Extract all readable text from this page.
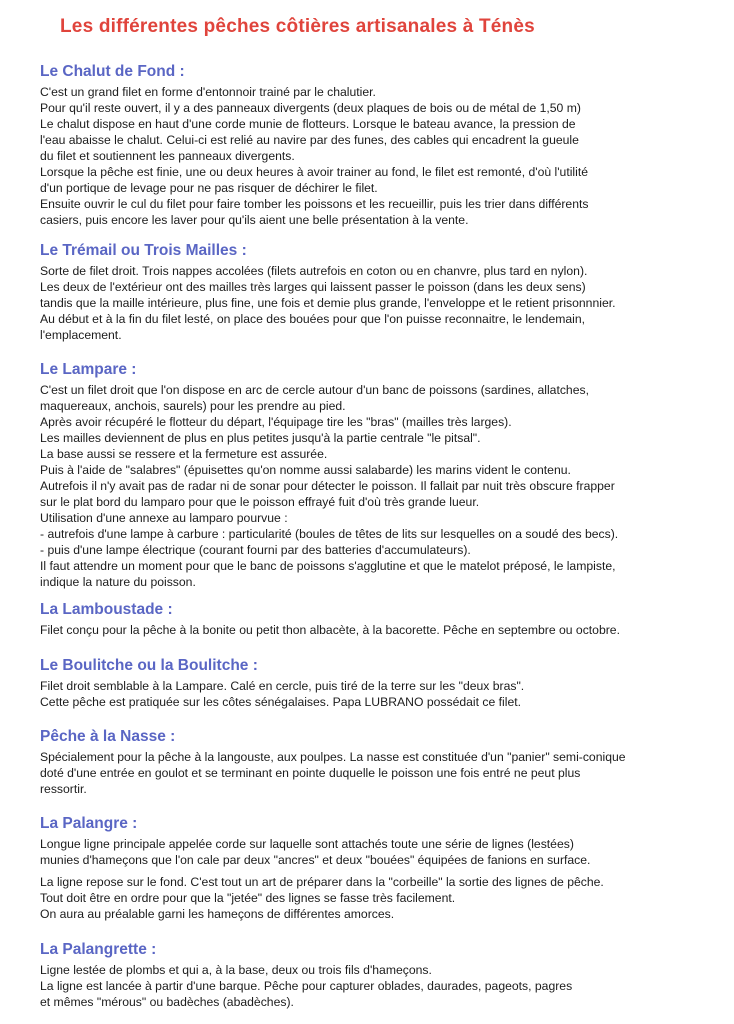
Les différentes pêches côtières artisanales à Ténès
Le Chalut de Fond :

C'est un grand filet en forme d'entonnoir trainé par le chalutier.

Pour qu'il reste ouvert, il y a des panneaux divergents (deux plaques de bois ou de métal de 1,50 m)

Le chalut dispose en haut d'une corde munie de flotteurs. Lorsque le bateau avance, la pression de

l'eau abaisse le chalut. Celui-ci est relié au navire par des funes, des cables qui encadrent la gueule

du filet et soutiennent les panneaux divergents.

Lorsque la pêche est finie, une ou deux heures à avoir trainer au fond, le filet est remonté, d'où l'utilité

d'un portique de levage pour ne pas risquer de déchirer le filet.

Ensuite ouvrir le cul du filet pour faire tomber les poissons et les recueillir, puis les trier dans différents

casiers, puis encore les laver pour qu'ils aient une belle présentation à la vente.

Le Trémail ou Trois Mailles :

Sorte de filet droit. Trois nappes accolées (filets autrefois en coton ou en chanvre, plus tard en nylon).

Les deux de l'extérieur ont des mailles très larges qui laissent passer le poisson (dans les deux sens)

tandis que la maille intérieure, plus fine, une fois et demie plus grande, l'enveloppe et le retient prisonnnier.

Au début et à la fin du filet lesté, on place des bouées pour que l'on puisse reconnaitre, le lendemain,

l'emplacement.

Le Lampare :

C'est un filet droit que l'on dispose en arc de cercle autour d'un banc de poissons (sardines, allatches,

maquereaux, anchois, saurels) pour les prendre au pied.

Après avoir récupéré le flotteur du départ, l'équipage tire les "bras" (mailles très larges).

Les mailles deviennent de plus en plus petites jusqu'à la partie centrale "le pitsal".

La base aussi se ressere et la fermeture est assurée.

Puis à l'aide de "salabres" (épuisettes qu'on nomme aussi salabarde) les marins vident le contenu.

Autrefois il n'y avait pas de radar ni de sonar pour détecter le poisson. Il fallait par nuit très obscure frapper

sur le plat bord du lamparo pour que le poisson effrayé fuit d'où très grande lueur.

Utilisation d'une annexe au lamparo pourvue :

- autrefois d'une lampe à carbure : particularité (boules de têtes de lits sur lesquelles on a soudé des becs).

- puis d'une lampe électrique (courant fourni par des batteries d'accumulateurs).

Il faut attendre un moment pour que le banc de poissons s'agglutine et que le matelot préposé, le lampiste,

indique la nature du poisson.

La Lamboustade :

Filet conçu pour la pêche à la bonite ou petit thon albacète, à la bacorette. Pêche en septembre ou octobre.

Le Boulitche ou la Boulitche :

Filet droit semblable à la Lampare. Calé en cercle, puis tiré de la terre sur les "deux bras".

Cette pêche est pratiquée sur les côtes sénégalaises. Papa LUBRANO possédait ce filet.

Pêche à la Nasse :

Spécialement pour la pêche à la langouste, aux poulpes. La nasse est constituée d'un "panier" semi-conique

doté d'une entrée en goulot et se terminant en pointe duquelle le poisson une fois entré ne peut plus

ressortir.

La Palangre :

Longue ligne principale appelée corde sur laquelle sont attachés toute une série de lignes (lestées)

munies d'hameçons que l'on cale par deux "ancres" et deux "bouées" équipées de fanions en surface.

La ligne repose sur le fond. C'est tout un art de préparer dans la "corbeille" la sortie des lignes de pêche.

Tout doit être en ordre pour que la "jetée" des lignes se fasse très facilement.

On aura au préalable garni les hameçons de différentes amorces.

La Palangrette :

Ligne lestée de plombs et qui a, à la base, deux ou trois fils d'hameçons.

La ligne est lancée à partir d'une barque. Pêche pour capturer oblades, daurades, pageots, pagres

et mêmes "mérous" ou badèches (abadèches).
